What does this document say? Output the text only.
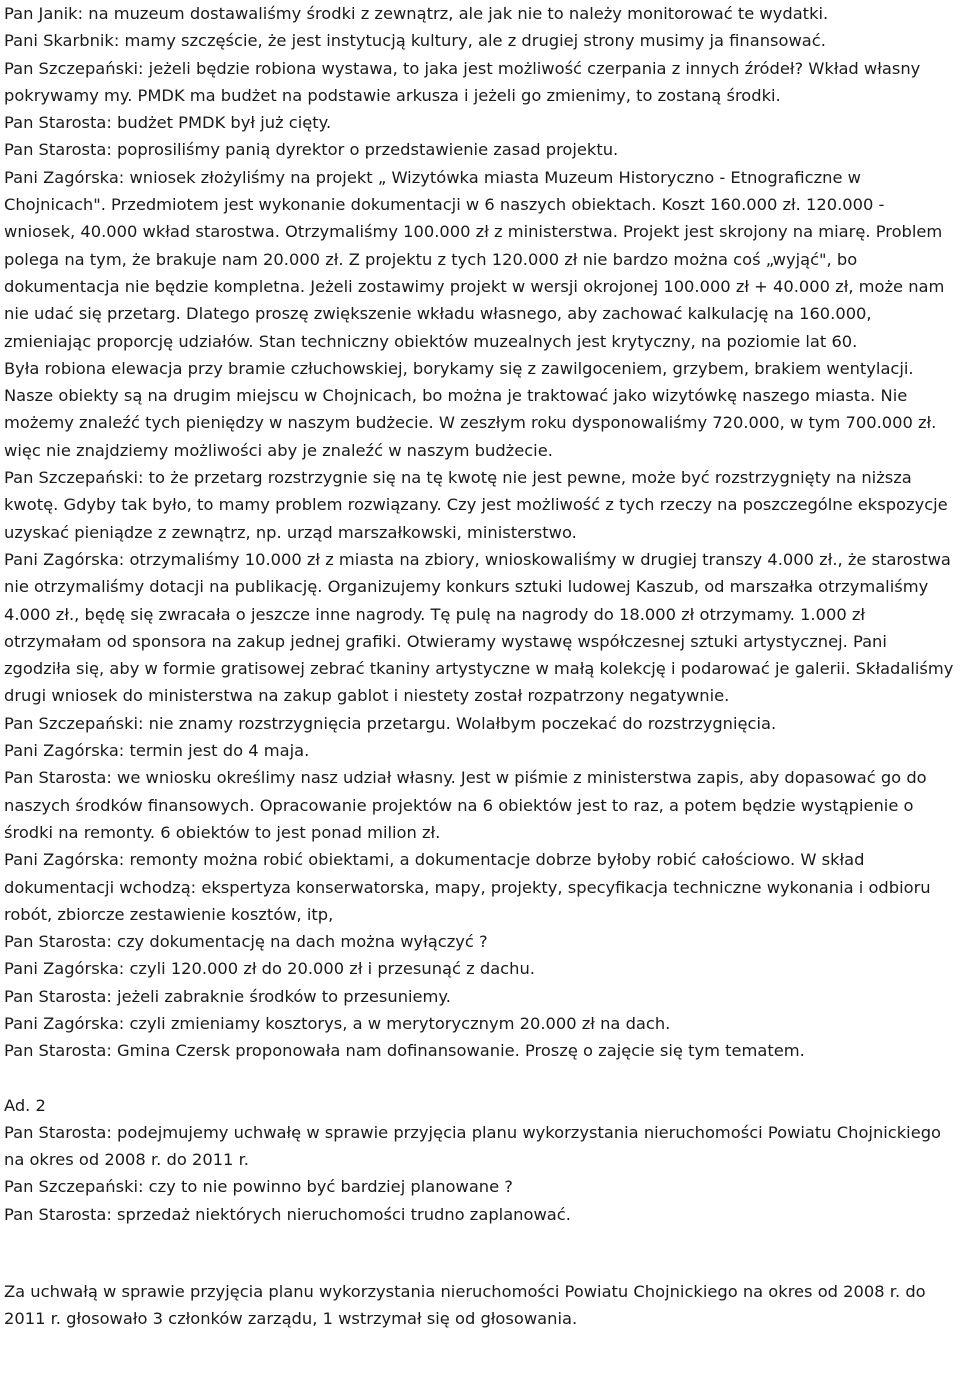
Pan Janik: na muzeum dostawaliśmy środki z zewnątrz, ale jak nie to należy monitorować te wydatki.

Pani Skarbnik: mamy szczęście, że jest instytucją kultury, ale z drugiej strony musimy ja finansować.

Pan Szczepański: jeżeli będzie robiona wystawa, to jaka jest możliwość czerpania z innych źródeł? Wkład własny pokrywamy my. PMDK ma budżet na podstawie arkusza i jeżeli go zmienimy, to zostaną środki.

Pan Starosta: budżet PMDK był już cięty.

Pan Starosta: poprosiliśmy panią dyrektor o przedstawienie zasad projektu.

Pani Zagórska: wniosek złożyliśmy na projekt „ Wizytówka miasta Muzeum Historyczno - Etnograficzne w Chojnicach". Przedmiotem jest wykonanie dokumentacji w 6 naszych obiektach. Koszt 160.000 zł. 120.000 - wniosek, 40.000 wkład starostwa. Otrzymaliśmy 100.000 zł z ministerstwa. Projekt jest skrojony na miarę. Problem polega na tym, że brakuje nam 20.000 zł. Z projektu z tych 120.000 zł nie bardzo można coś „wyjąć", bo dokumentacja nie będzie kompletna. Jeżeli zostawimy projekt w wersji okrojonej 100.000 zł + 40.000 zł, może nam nie udać się przetarg. Dlatego proszę zwiększenie wkładu własnego, aby zachować kalkulację na 160.000, zmieniając proporcję udziałów. Stan techniczny obiektów muzealnych jest krytyczny, na poziomie lat 60.

Była robiona elewacja przy bramie człuchowskiej, borykamy się z zawilgoceniem, grzybem, brakiem wentylacji. Nasze obiekty są na drugim miejscu w Chojnicach, bo można je traktować jako wizytówkę naszego miasta. Nie możemy znaleźć tych pieniędzy w naszym budżecie. W zeszłym roku dysponowaliśmy 720.000, w tym 700.000 zł. więc nie znajdziemy możliwości aby je znaleźć w naszym budżecie.

Pan Szczepański: to że przetarg rozstrzygnie się na tę kwotę nie jest pewne, może być rozstrzygnięty na niższa kwotę. Gdyby tak było, to mamy problem rozwiązany. Czy jest możliwość z tych rzeczy na poszczególne ekspozycje uzyskać pieniądze z zewnątrz, np. urząd marszałkowski, ministerstwo.

Pani Zagórska: otrzymaliśmy 10.000 zł z miasta na zbiory, wnioskowaliśmy w drugiej transzy 4.000 zł., że starostwa nie otrzymaliśmy dotacji na publikację. Organizujemy konkurs sztuki ludowej Kaszub, od marszałka otrzymaliśmy 4.000 zł., będę się zwracała o jeszcze inne nagrody. Tę pulę na nagrody do 18.000 zł otrzymamy. 1.000 zł otrzymałam od sponsora na zakup jednej grafiki. Otwieramy wystawę współczesnej sztuki artystycznej. Pani zgodziła się, aby w formie gratisowej zebrać tkaniny artystyczne w małą kolekcję i podarować je galerii. Składaliśmy drugi wniosek do ministerstwa na zakup gablot i niestety został rozpatrzony negatywnie.

Pan Szczepański: nie znamy rozstrzygnięcia przetargu. Wolałbym poczekać do rozstrzygnięcia.

Pani Zagórska: termin jest do 4 maja.

Pan Starosta: we wniosku określimy nasz udział własny. Jest w piśmie z ministerstwa zapis, aby dopasować go do naszych środków finansowych. Opracowanie projektów na 6 obiektów jest to raz, a potem będzie wystąpienie o środki na remonty. 6 obiektów to jest ponad milion zł.

Pani Zagórska: remonty można robić obiektami, a dokumentacje dobrze byłoby robić całościowo. W skład dokumentacji wchodzą: ekspertyza konserwatorska, mapy, projekty, specyfikacja techniczne wykonania i odbioru robót, zbiorcze zestawienie kosztów, itp,

Pan Starosta: czy dokumentację na dach można wyłączyć ?

Pani Zagórska: czyli 120.000 zł do 20.000 zł i przesunąć z dachu.

Pan Starosta: jeżeli zabraknie środków to przesuniemy.

Pani Zagórska: czyli zmieniamy kosztorys, a w merytorycznym 20.000 zł na dach.

Pan Starosta: Gmina Czersk proponowała nam dofinansowanie. Proszę o zajęcie się tym tematem.

Ad. 2

Pan Starosta: podejmujemy uchwałę w sprawie przyjęcia planu wykorzystania nieruchomości Powiatu Chojnickiego na okres od 2008 r. do 2011 r.

Pan Szczepański: czy to nie powinno być bardziej planowane ?

Pan Starosta: sprzedaż niektórych nieruchomości trudno zaplanować.

Za uchwałą w sprawie przyjęcia planu wykorzystania nieruchomości Powiatu Chojnickiego na okres od 2008 r. do 2011 r. głosowało 3 członków zarządu, 1 wstrzymał się od głosowania.
